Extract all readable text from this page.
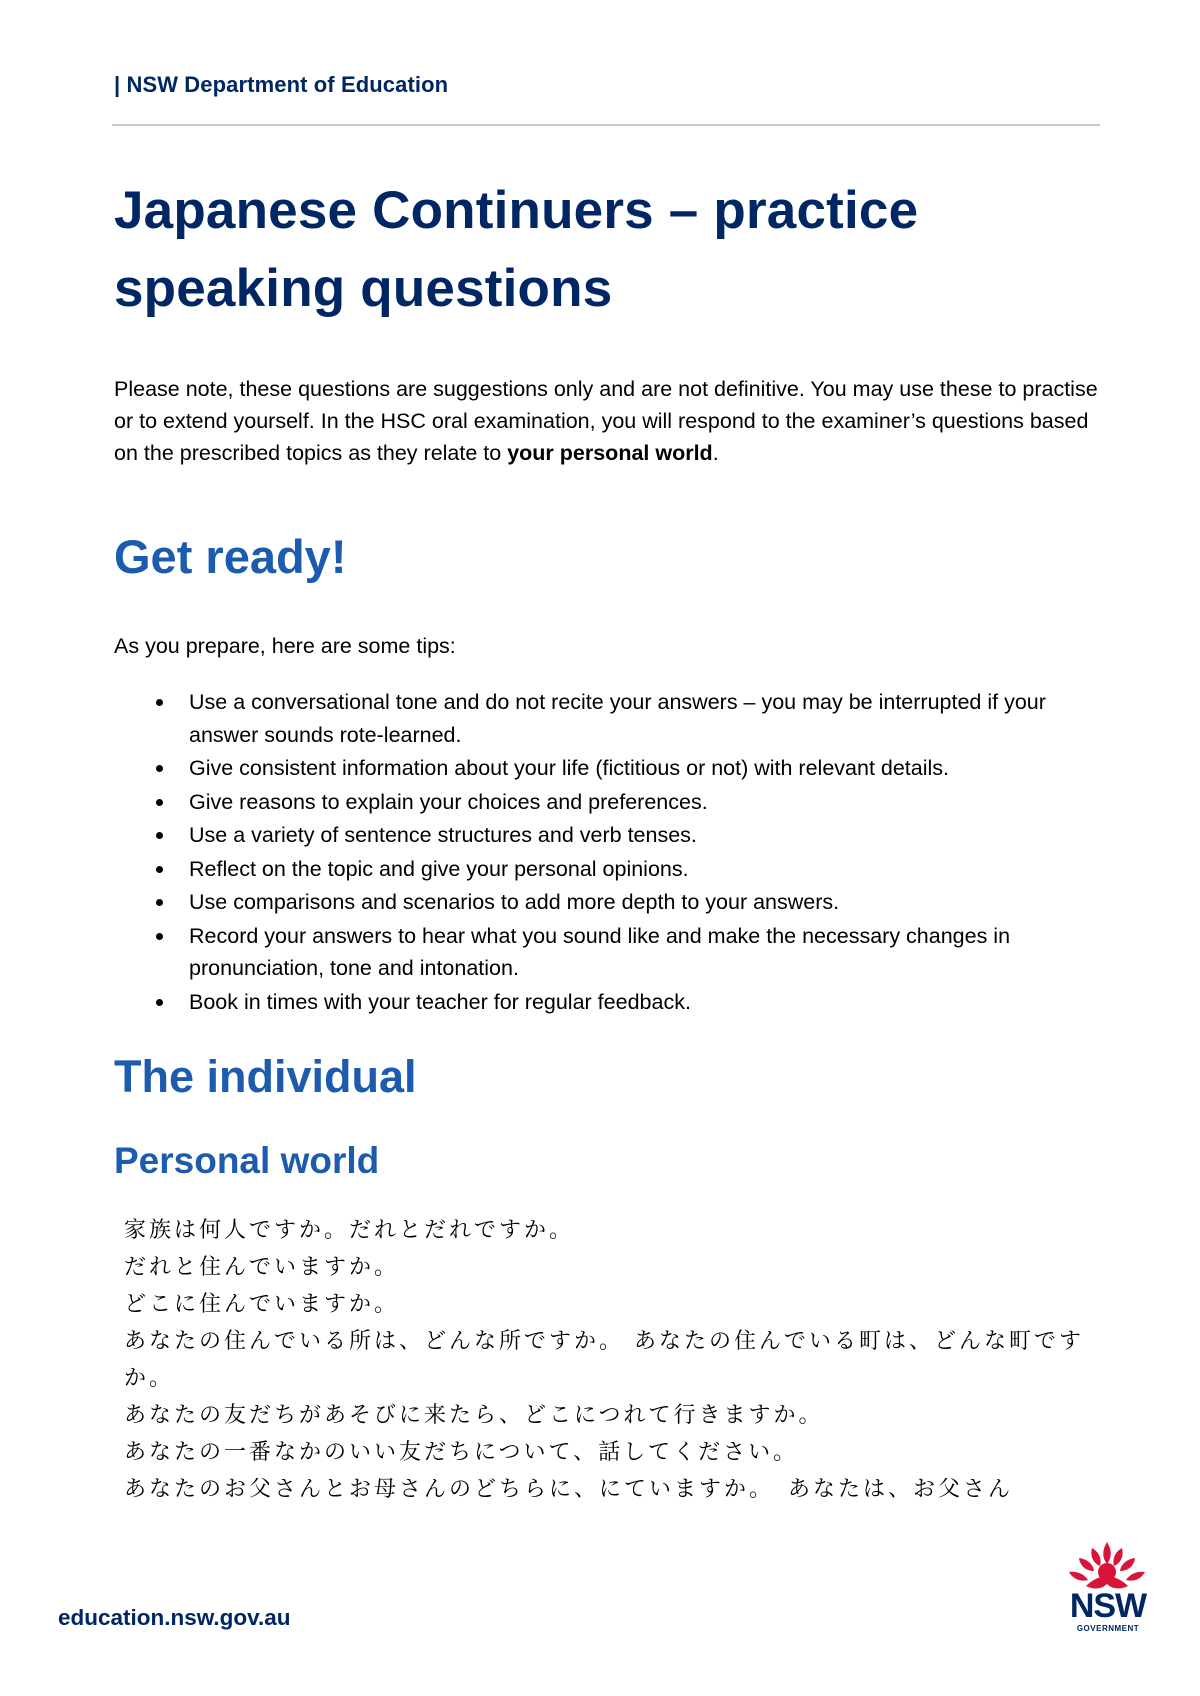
| NSW Department of Education
Japanese Continuers – practice speaking questions

Please note, these questions are suggestions only and are not definitive. You may use these to practise or to extend yourself. In the HSC oral examination, you will respond to the examiner’s questions based on the prescribed topics as they relate to your personal world.

Get ready!

As you prepare, here are some tips:

Use a conversational tone and do not recite your answers – you may be interrupted if your answer sounds rote-learned.
Give consistent information about your life (fictitious or not) with relevant details.
Give reasons to explain your choices and preferences.
Use a variety of sentence structures and verb tenses.
Reflect on the topic and give your personal opinions.
Use comparisons and scenarios to add more depth to your answers.
Record your answers to hear what you sound like and make the necessary changes in pronunciation, tone and intonation.
Book in times with your teacher for regular feedback.
The individual
Personal world
家族は何人ですか。だれとだれですか。
だれと住んでいますか。
どこに住んでいますか。
あなたの住んでいる所は、どんな所ですか。 あなたの住んでいる町は、どんな町ですか。
あなたの友だちがあそびに来たら、どこにつれて行きますか。
あなたの一番なかのいい友だちについて、話してください。
あなたのお父さんとお母さんのどちらに、にていますか。　あなたは、お父さん
education.nsw.gov.au	NSW
GOVERNMENT
